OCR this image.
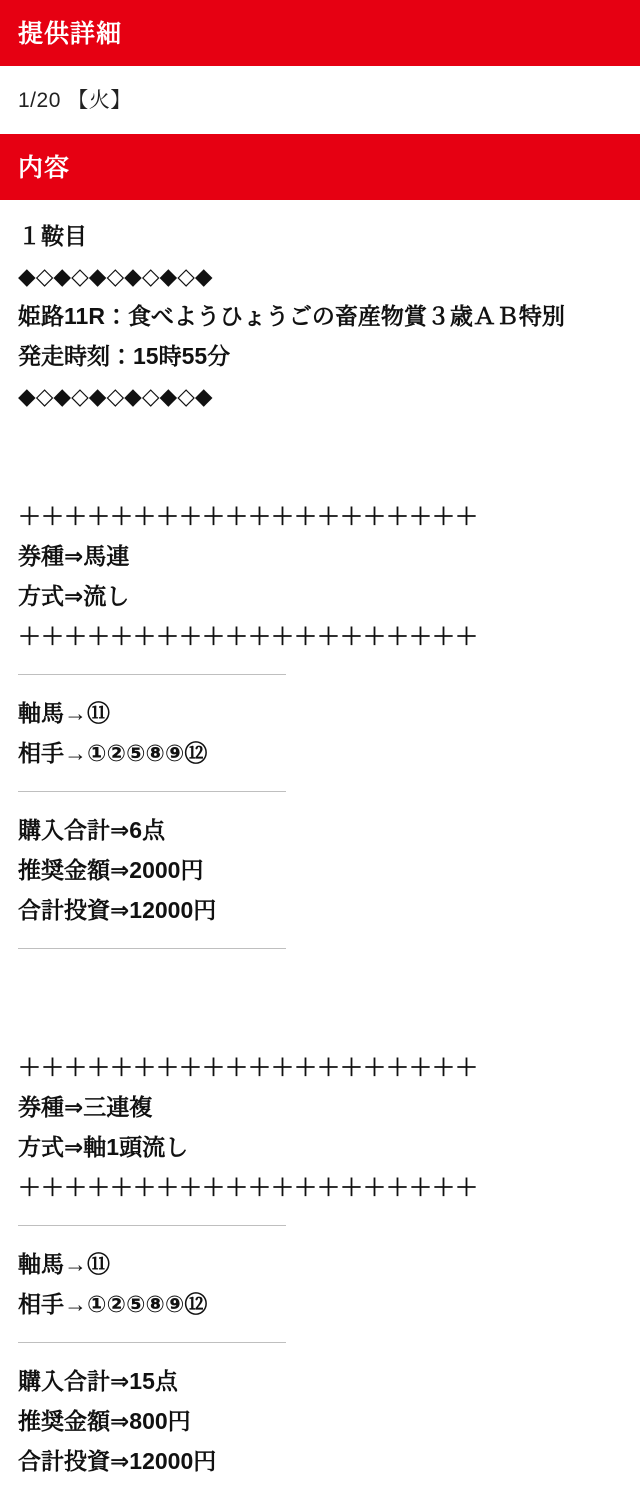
提供詳細
1/20 【火】
内容
１鞍目
◆◇◆◇◆◇◆◇◆◇◆
姫路11R：食べようひょうごの畜産物賞３歳ＡＢ特別
発走時刻：15時55分
◆◇◆◇◆◇◆◇◆◇◆
＋＋＋＋＋＋＋＋＋＋＋＋＋＋＋＋＋＋＋＋
券種⇒馬連
方式⇒流し
＋＋＋＋＋＋＋＋＋＋＋＋＋＋＋＋＋＋＋＋
軸馬→⑪
相手→①②⑤⑧⑨⑫
購入合計⇒6点
推奨金額⇒2000円
合計投資⇒12000円
＋＋＋＋＋＋＋＋＋＋＋＋＋＋＋＋＋＋＋＋
券種⇒三連複
方式⇒軸1頭流し
＋＋＋＋＋＋＋＋＋＋＋＋＋＋＋＋＋＋＋＋
軸馬→⑪
相手→①②⑤⑧⑨⑫
購入合計⇒15点
推奨金額⇒800円
合計投資⇒12000円
